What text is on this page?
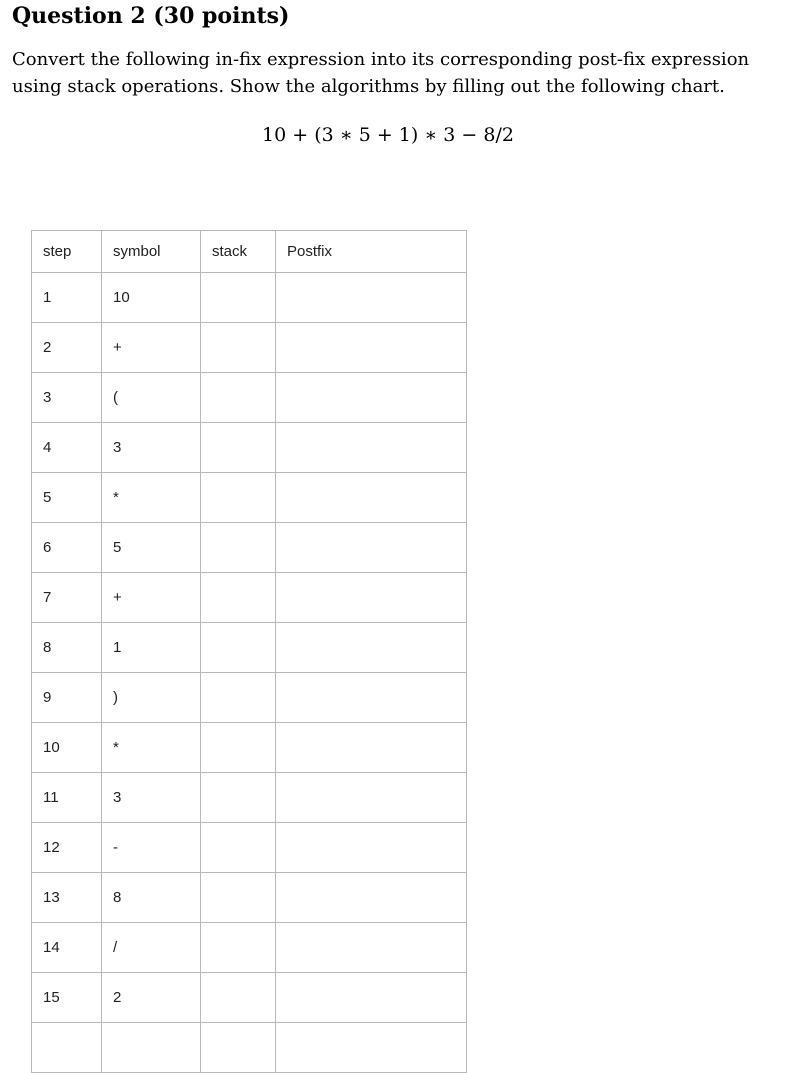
Question 2 (30 points)
Convert the following in-fix expression into its corresponding post-fix expression
using stack operations. Show the algorithms by filling out the following chart.
10 + (3 ∗ 5 + 1) ∗ 3 − 8/2
step	symbol	stack	Postfix
1	10		
2	+		
3	(		
4	3		
5	*		
6	5		
7	+		
8	1		
9	)		
10	*		
11	3		
12	-		
13	8		
14	/		
15	2		
